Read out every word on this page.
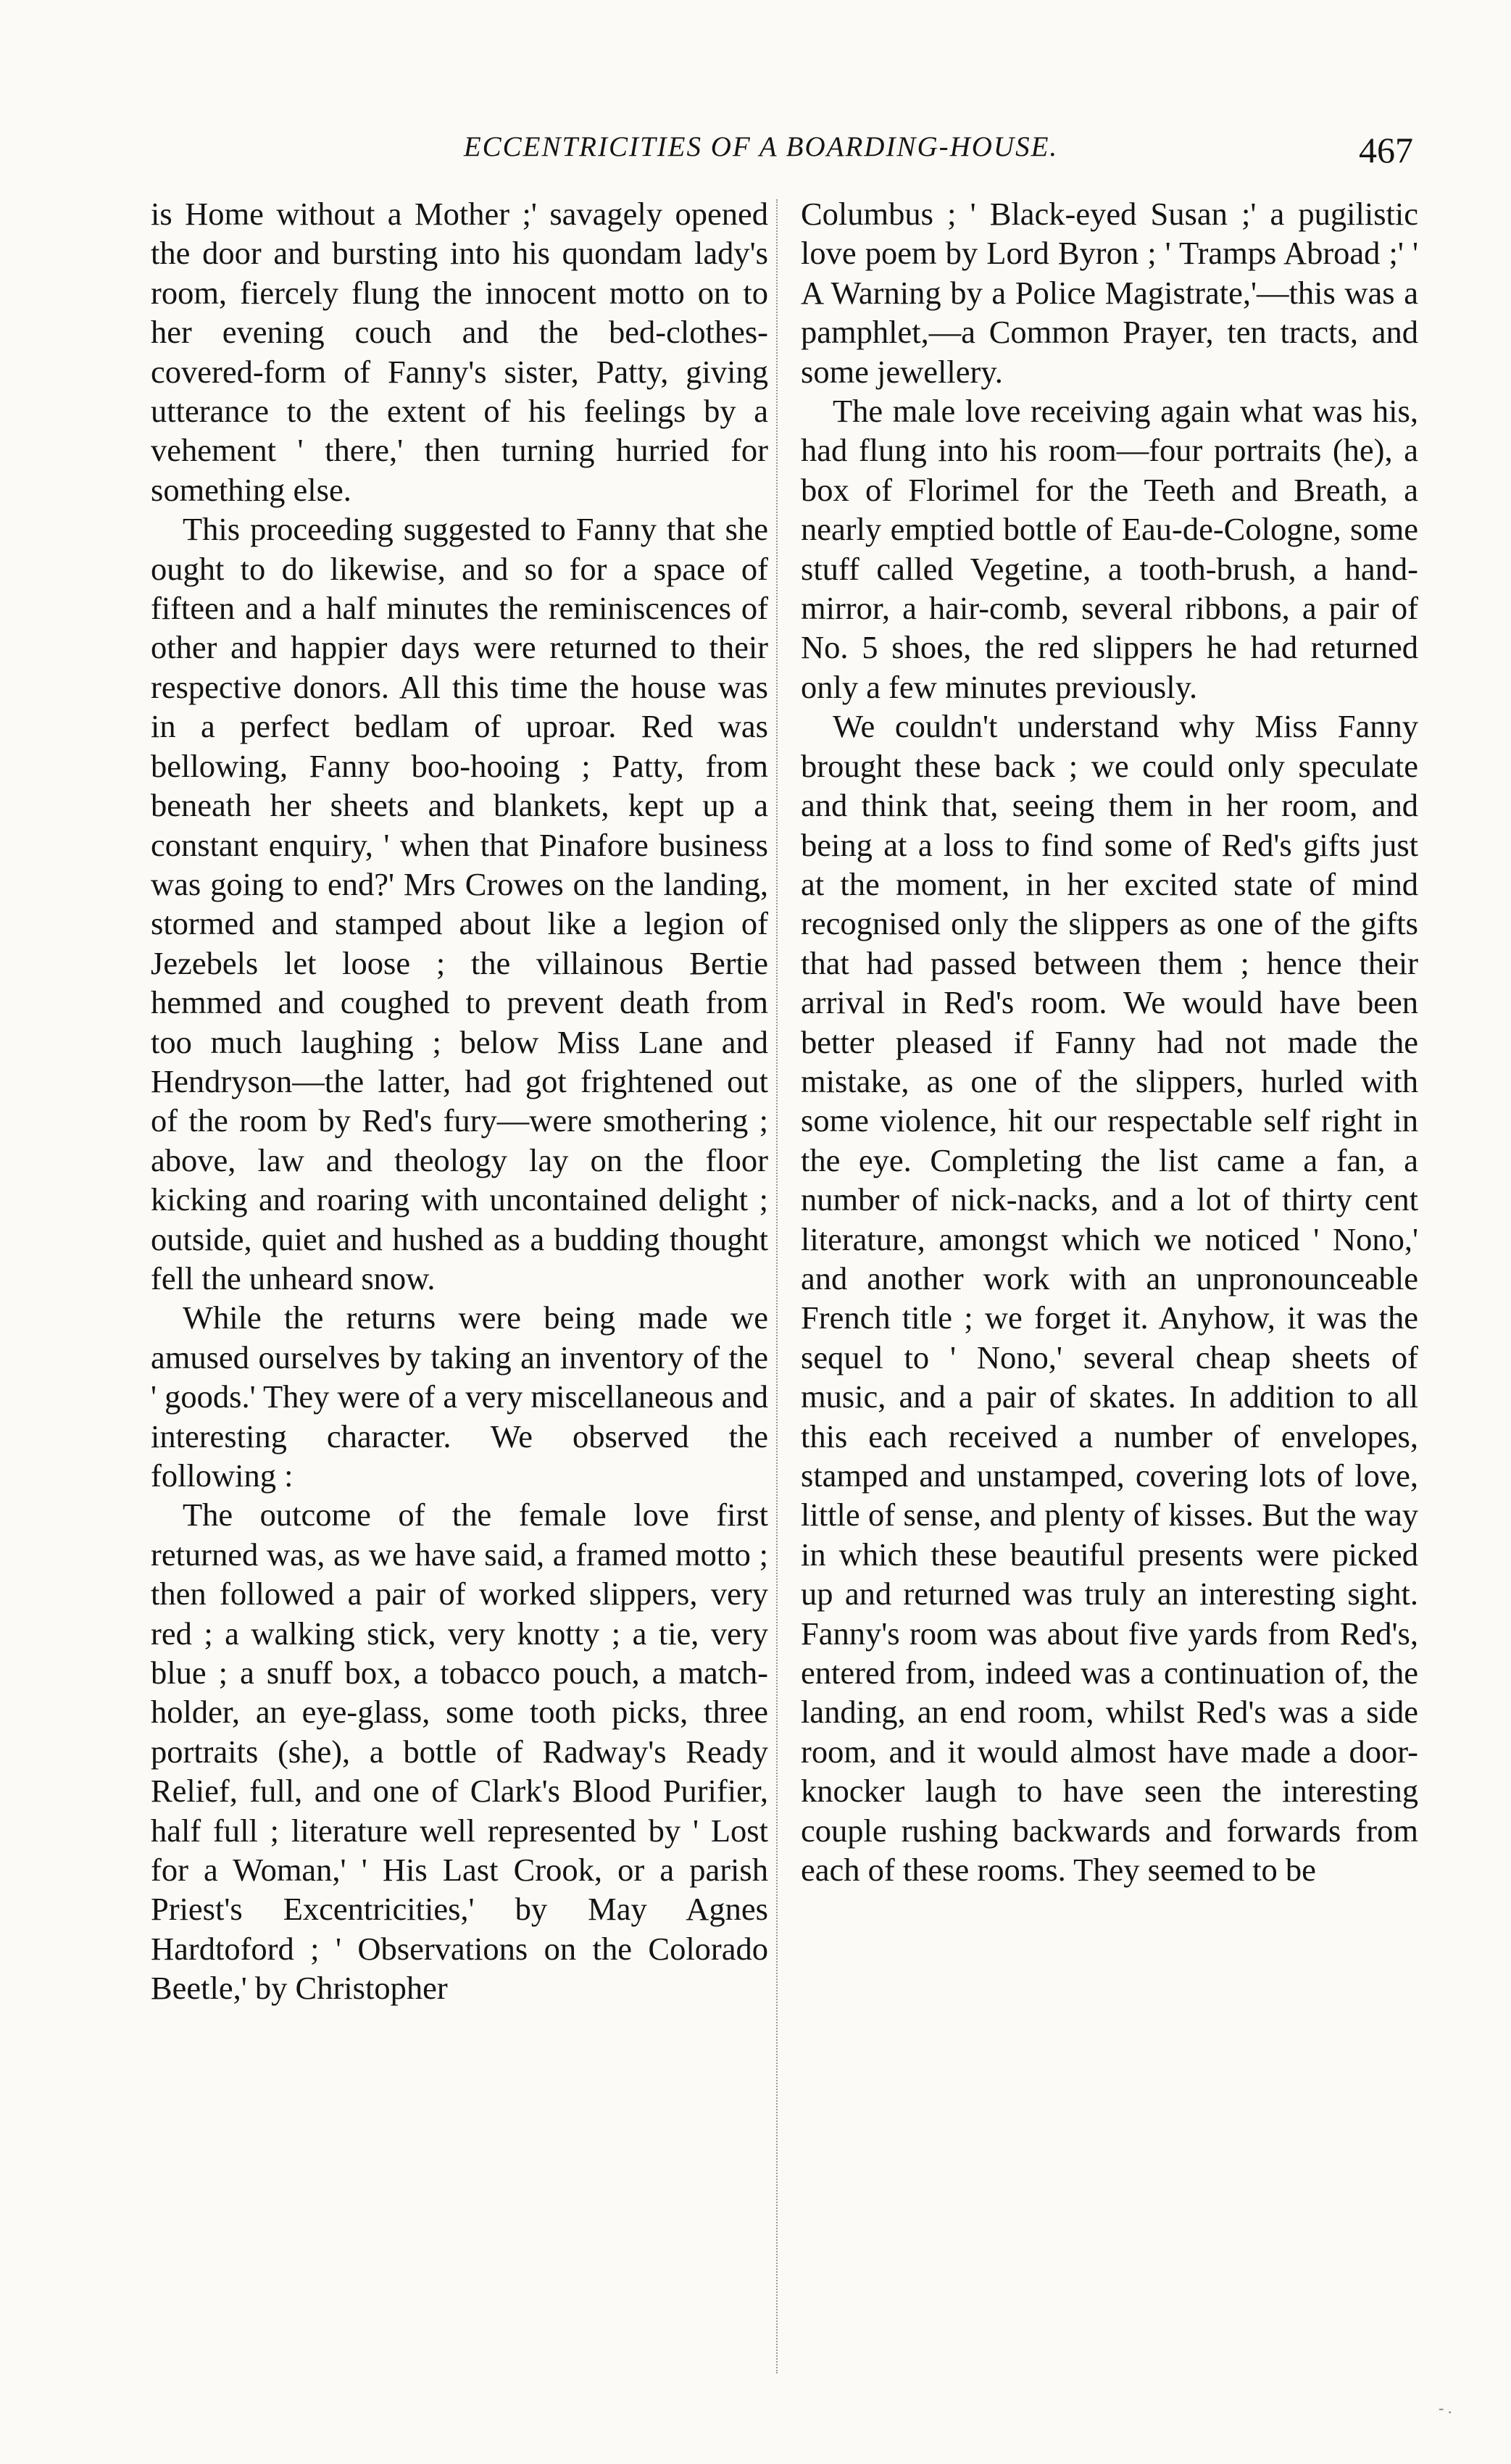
ECCENTRICITIES OF A BOARDING-HOUSE.	467

is Home without a Mother ;' savagely opened the door and bursting into his quondam lady's room, fiercely flung the innocent motto on to her evening couch and the bed-clothes-covered-form of Fanny's sister, Patty, giving utterance to the extent of his feelings by a vehement ' there,' then turning hurried for something else.

This proceeding suggested to Fanny that she ought to do likewise, and so for a space of fifteen and a half minutes the reminiscences of other and happier days were returned to their respective donors. All this time the house was in a perfect bedlam of uproar. Red was bellowing, Fanny boo-hooing ; Patty, from beneath her sheets and blankets, kept up a constant enquiry, ' when that Pinafore business was going to end?' Mrs Crowes on the landing, stormed and stamped about like a legion of Jezebels let loose ; the villainous Bertie hemmed and coughed to prevent death from too much laughing ; below Miss Lane and Hendryson—the latter, had got frightened out of the room by Red's fury—were smothering ; above, law and theology lay on the floor kicking and roaring with uncontained delight ; outside, quiet and hushed as a budding thought fell the unheard snow.

While the returns were being made we amused ourselves by taking an inventory of the ' goods.' They were of a very miscellaneous and interesting character. We observed the following :

The outcome of the female love first returned was, as we have said, a framed motto ; then followed a pair of worked slippers, very red ; a walking stick, very knotty ; a tie, very blue ; a snuff box, a tobacco pouch, a match-holder, an eye-glass, some tooth picks, three portraits (she), a bottle of Radway's Ready Relief, full, and one of Clark's Blood Purifier, half full ; literature well represented by ' Lost for a Woman,' ' His Last Crook, or a parish Priest's Excentricities,' by May Agnes Hardtoford ; ' Observations on the Colorado Beetle,' by Christopher

Columbus ; ' Black-eyed Susan ;' a pugilistic love poem by Lord Byron ; ' Tramps Abroad ;' ' A Warning by a Police Magistrate,'—this was a pamphlet,—a Common Prayer, ten tracts, and some jewellery.

The male love receiving again what was his, had flung into his room—four portraits (he), a box of Florimel for the Teeth and Breath, a nearly emptied bottle of Eau-de-Cologne, some stuff called Vegetine, a tooth-brush, a hand-mirror, a hair-comb, several ribbons, a pair of No. 5 shoes, the red slippers he had returned only a few minutes previously.

We couldn't understand why Miss Fanny brought these back ; we could only speculate and think that, seeing them in her room, and being at a loss to find some of Red's gifts just at the moment, in her excited state of mind recognised only the slippers as one of the gifts that had passed between them ; hence their arrival in Red's room. We would have been better pleased if Fanny had not made the mistake, as one of the slippers, hurled with some violence, hit our respectable self right in the eye. Completing the list came a fan, a number of nick-nacks, and a lot of thirty cent literature, amongst which we noticed ' Nono,' and another work with an unpronounceable French title ; we forget it. Anyhow, it was the sequel to ' Nono,' several cheap sheets of music, and a pair of skates. In addition to all this each received a number of envelopes, stamped and unstamped, covering lots of love, little of sense, and plenty of kisses. But the way in which these beautiful presents were picked up and returned was truly an interesting sight. Fanny's room was about five yards from Red's, entered from, indeed was a continuation of, the landing, an end room, whilst Red's was a side room, and it would almost have made a door-knocker laugh to have seen the interesting couple rushing backwards and forwards from each of these rooms. They seemed to be

- .
